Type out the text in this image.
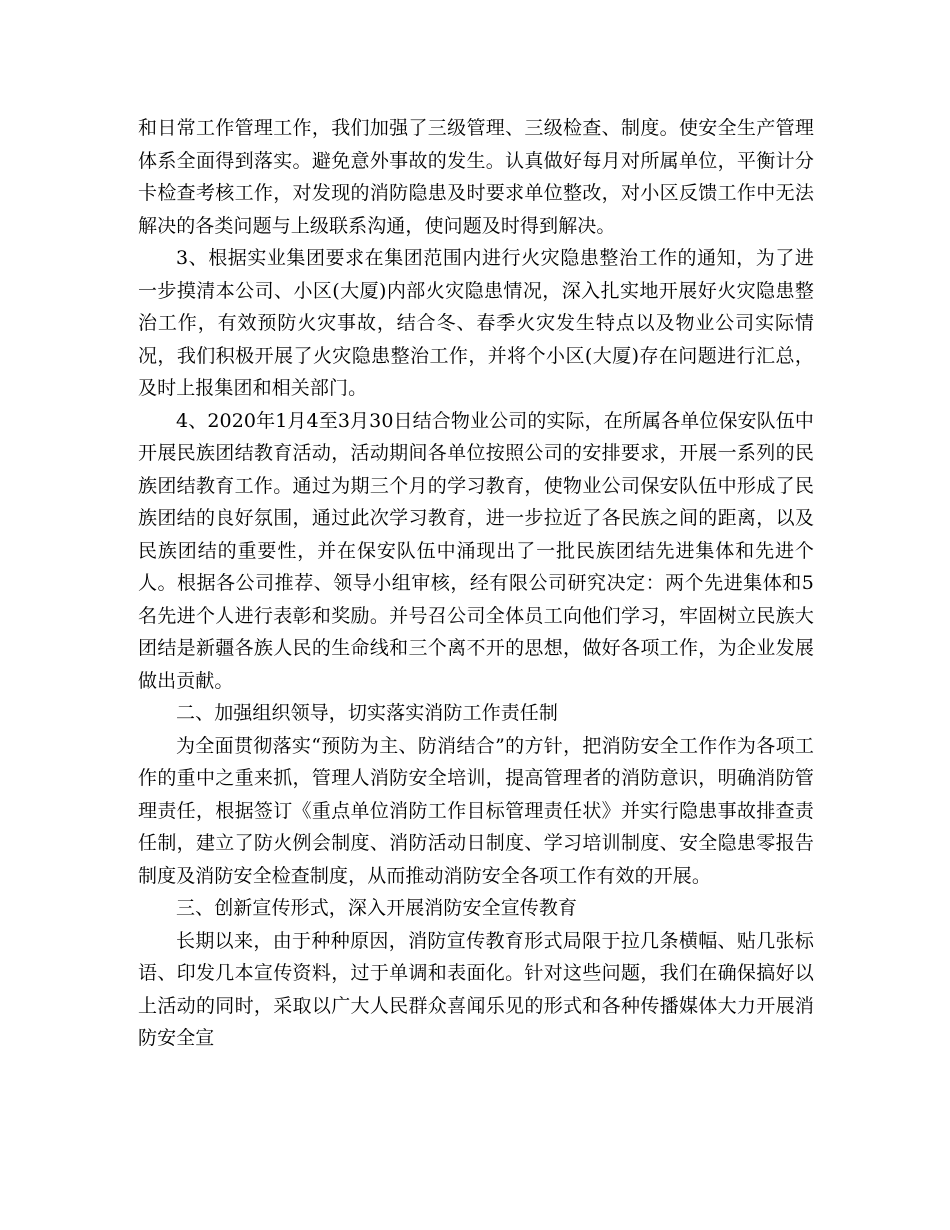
和日常工作管理工作，我们加强了三级管理、三级检查、制度。使安全生产管理体系全面得到落实。避免意外事故的发生。认真做好每月对所属单位，平衡计分卡检查考核工作，对发现的消防隐患及时要求单位整改，对小区反馈工作中无法解决的各类问题与上级联系沟通，使问题及时得到解决。

3、根据实业集团要求在集团范围内进行火灾隐患整治工作的通知，为了进一步摸清本公司、小区(大厦)内部火灾隐患情况，深入扎实地开展好火灾隐患整治工作，有效预防火灾事故，结合冬、春季火灾发生特点以及物业公司实际情况，我们积极开展了火灾隐患整治工作，并将个小区(大厦)存在问题进行汇总，及时上报集团和相关部门。

4、2020年1月4至3月30日结合物业公司的实际，在所属各单位保安队伍中开展民族团结教育活动，活动期间各单位按照公司的安排要求，开展一系列的民族团结教育工作。通过为期三个月的学习教育，使物业公司保安队伍中形成了民族团结的良好氛围，通过此次学习教育，进一步拉近了各民族之间的距离，以及民族团结的重要性，并在保安队伍中涌现出了一批民族团结先进集体和先进个人。根据各公司推荐、领导小组审核，经有限公司研究决定：两个先进集体和5名先进个人进行表彰和奖励。并号召公司全体员工向他们学习，牢固树立民族大团结是新疆各族人民的生命线和三个离不开的思想，做好各项工作，为企业发展做出贡献。

二、加强组织领导，切实落实消防工作责任制

为全面贯彻落实“预防为主、防消结合”的方针，把消防安全工作作为各项工作的重中之重来抓，管理人消防安全培训，提高管理者的消防意识，明确消防管理责任，根据签订《重点单位消防工作目标管理责任状》并实行隐患事故排查责任制，建立了防火例会制度、消防活动日制度、学习培训制度、安全隐患零报告制度及消防安全检查制度，从而推动消防安全各项工作有效的开展。

三、创新宣传形式，深入开展消防安全宣传教育

长期以来，由于种种原因，消防宣传教育形式局限于拉几条横幅、贴几张标语、印发几本宣传资料，过于单调和表面化。针对这些问题，我们在确保搞好以上活动的同时，采取以广大人民群众喜闻乐见的形式和各种传播媒体大力开展消防安全宣
